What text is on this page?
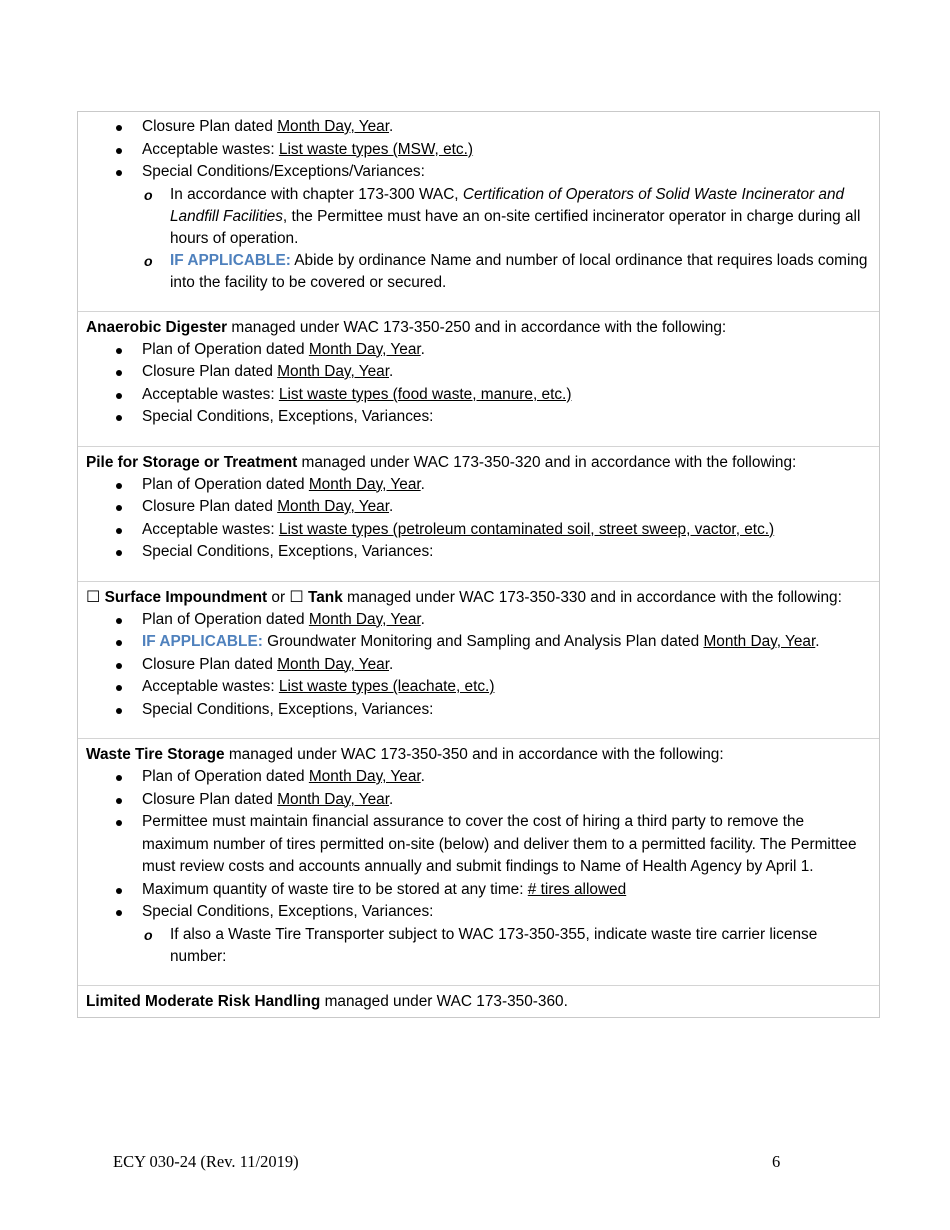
Closure Plan dated Month Day, Year.
Acceptable wastes: List waste types (MSW, etc.)
Special Conditions/Exceptions/Variances:
o In accordance with chapter 173-300 WAC, Certification of Operators of Solid Waste Incinerator and Landfill Facilities, the Permittee must have an on-site certified incinerator operator in charge during all hours of operation.
o IF APPLICABLE: Abide by ordinance Name and number of local ordinance that requires loads coming into the facility to be covered or secured.

Anaerobic Digester managed under WAC 173-350-250 and in accordance with the following:

Plan of Operation dated Month Day, Year.
Closure Plan dated Month Day, Year.
Acceptable wastes: List waste types (food waste, manure, etc.)
Special Conditions, Exceptions, Variances:

Pile for Storage or Treatment managed under WAC 173-350-320 and in accordance with the following:

Plan of Operation dated Month Day, Year.
Closure Plan dated Month Day, Year.
Acceptable wastes: List waste types (petroleum contaminated soil, street sweep, vactor, etc.)
Special Conditions, Exceptions, Variances:

☐ Surface Impoundment or ☐ Tank managed under WAC 173-350-330 and in accordance with the following:

Plan of Operation dated Month Day, Year.
IF APPLICABLE: Groundwater Monitoring and Sampling and Analysis Plan dated Month Day, Year.
Closure Plan dated Month Day, Year.
Acceptable wastes: List waste types (leachate, etc.)
Special Conditions, Exceptions, Variances:

Waste Tire Storage managed under WAC 173-350-350 and in accordance with the following:

Plan of Operation dated Month Day, Year.
Closure Plan dated Month Day, Year.
Permittee must maintain financial assurance to cover the cost of hiring a third party to remove the maximum number of tires permitted on-site (below) and deliver them to a permitted facility. The Permittee must review costs and accounts annually and submit findings to Name of Health Agency by April 1.
Maximum quantity of waste tire to be stored at any time: # tires allowed
Special Conditions, Exceptions, Variances:
o If also a Waste Tire Transporter subject to WAC 173-350-355, indicate waste tire carrier license number:

Limited Moderate Risk Handling managed under WAC 173-350-360.

ECY 030-24 (Rev. 11/2019)	6
